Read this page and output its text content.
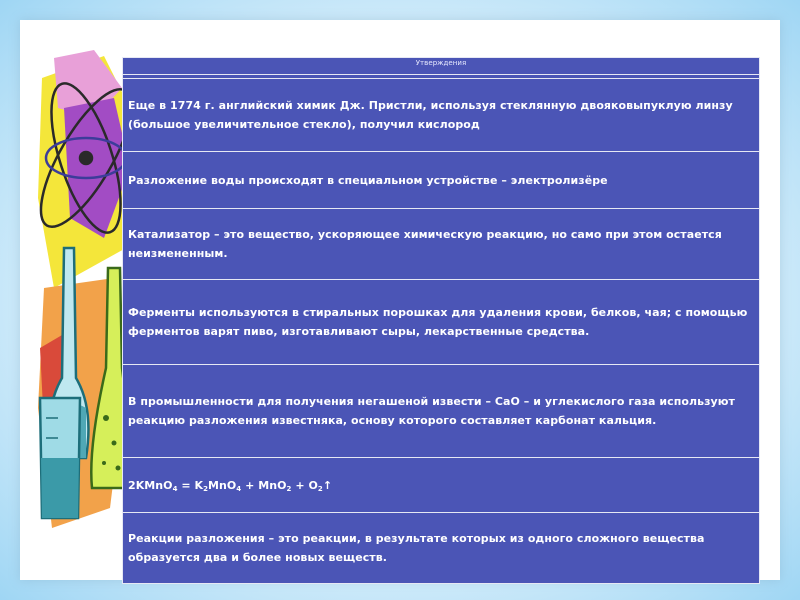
Утверждения

Еще в 1774 г. английский химик Дж. Пристли, используя стеклянную двояковыпуклую линзу (большое увеличительное стекло), получил кислород
Разложение воды происходят в специальном устройстве – электролизёре
Катализатор – это вещество, ускоряющее химическую реакцию, но само при этом остается неизмененным.
Ферменты используются в стиральных порошках для удаления крови, белков, чая; с помощью ферментов варят пиво, изготавливают сыры, лекарственные средства.
В промышленности для получения негашеной извести – CaO – и углекислого газа используют реакцию разложения известняка, основу которого составляет карбонат кальция.
2KMnO$_4$ = $K_2MnO_4 + MnO_2$ + $O_2↑$
Реакции разложения – это реакции, в результате которых из одного сложного вещества образуется два и более новых веществ.
